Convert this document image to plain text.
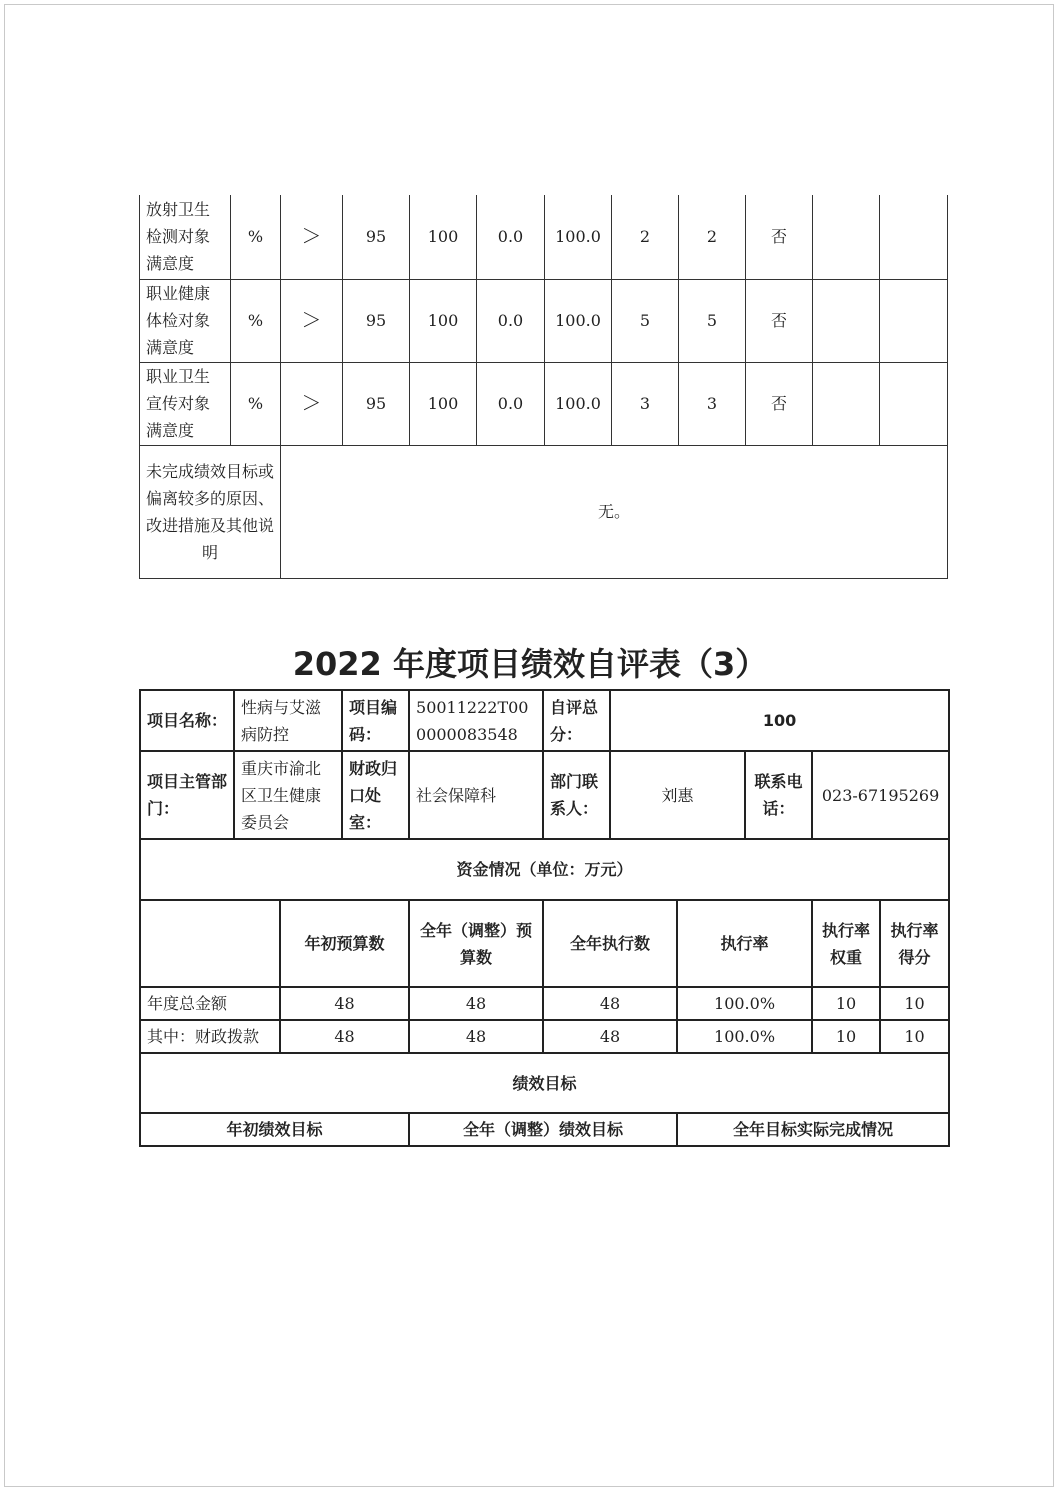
放射卫生检测对象满意度	%	＞	95	100	0.0	100.0	2	2	否		
职业健康体检对象满意度	%	＞	95	100	0.0	100.0	5	5	否		
职业卫生宣传对象满意度	%	＞	95	100	0.0	100.0	3	3	否		
未完成绩效目标或偏离较多的原因、改进措施及其他说明		无。									
2022 年度项目绩效自评表（3）
项目名称：	性病与艾滋病防控		项目编码：	50011222T000000083548	自评总分：	100				
项目主管部门：	重庆市渝北区卫生健康委员会		财政归口处室：	社会保障科	部门联系人：	刘惠		联系电话：	023-67195269	
资金情况（单位：万元）										
		年初预算数		全年（调整）预算数	全年执行数		执行率		执行率权重	执行率得分
年度总金额		48		48	48		100.0%		10	10
其中：财政拨款		48		48	48		100.0%		10	10
绩效目标										
年初绩效目标				全年（调整）绩效目标			全年目标实际完成情况			
